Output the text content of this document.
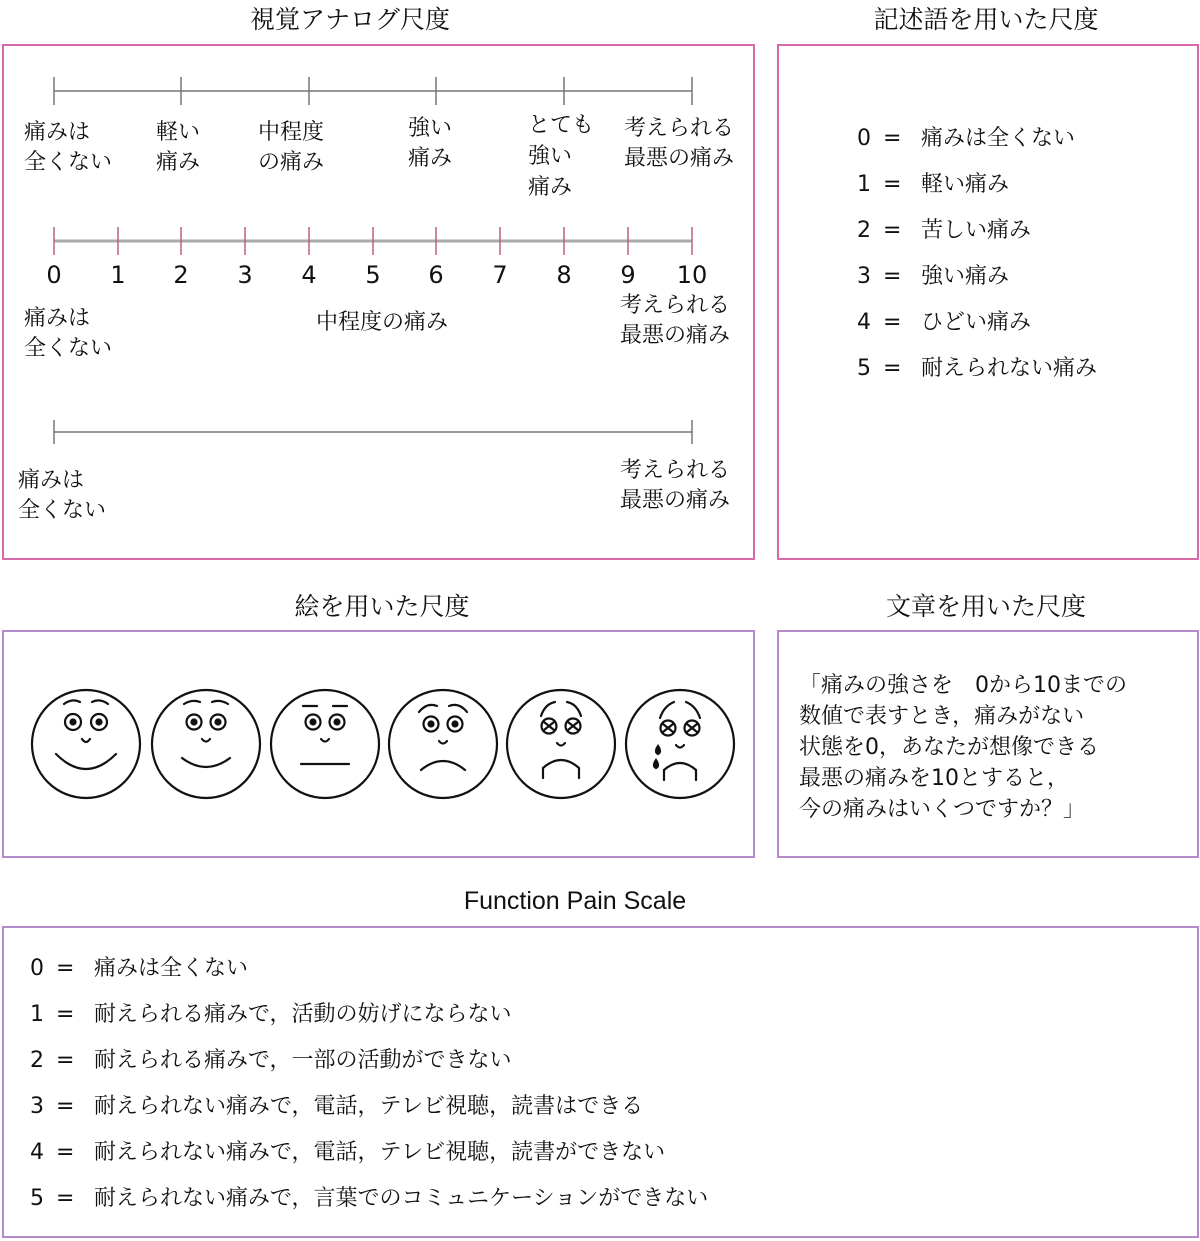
視覚アナログ尺度
痛みは
全くない
軽い
痛み
中程度
の痛み
強い
痛み
とても
強い
痛み
考えられる
最悪の痛み
0	1	2	3	4	5	6	7	8	9	10
痛みは
全くない
中程度の痛み
考えられる
最悪の痛み
痛みは
全くない
考えられる
最悪の痛み
記述語を用いた尺度
0 = 痛みは全くない
1 = 軽い痛み
2 = 苦しい痛み
3 = 強い痛み
4 = ひどい痛み
5 = 耐えられない痛み
絵を用いた尺度	文章を用いた尺度
「痛みの強さを　0から10までの
数値で表すとき，痛みがない
状態を0，あなたが想像できる
最悪の痛みを10とすると，
今の痛みはいくつですか？」
Function Pain Scale
0 = 痛みは全くない
1 = 耐えられる痛みで，活動の妨げにならない
2 = 耐えられる痛みで，一部の活動ができない
3 = 耐えられない痛みで，電話，テレビ視聴，読書はできる
4 = 耐えられない痛みで，電話，テレビ視聴，読書ができない
5 = 耐えられない痛みで，言葉でのコミュニケーションができない
